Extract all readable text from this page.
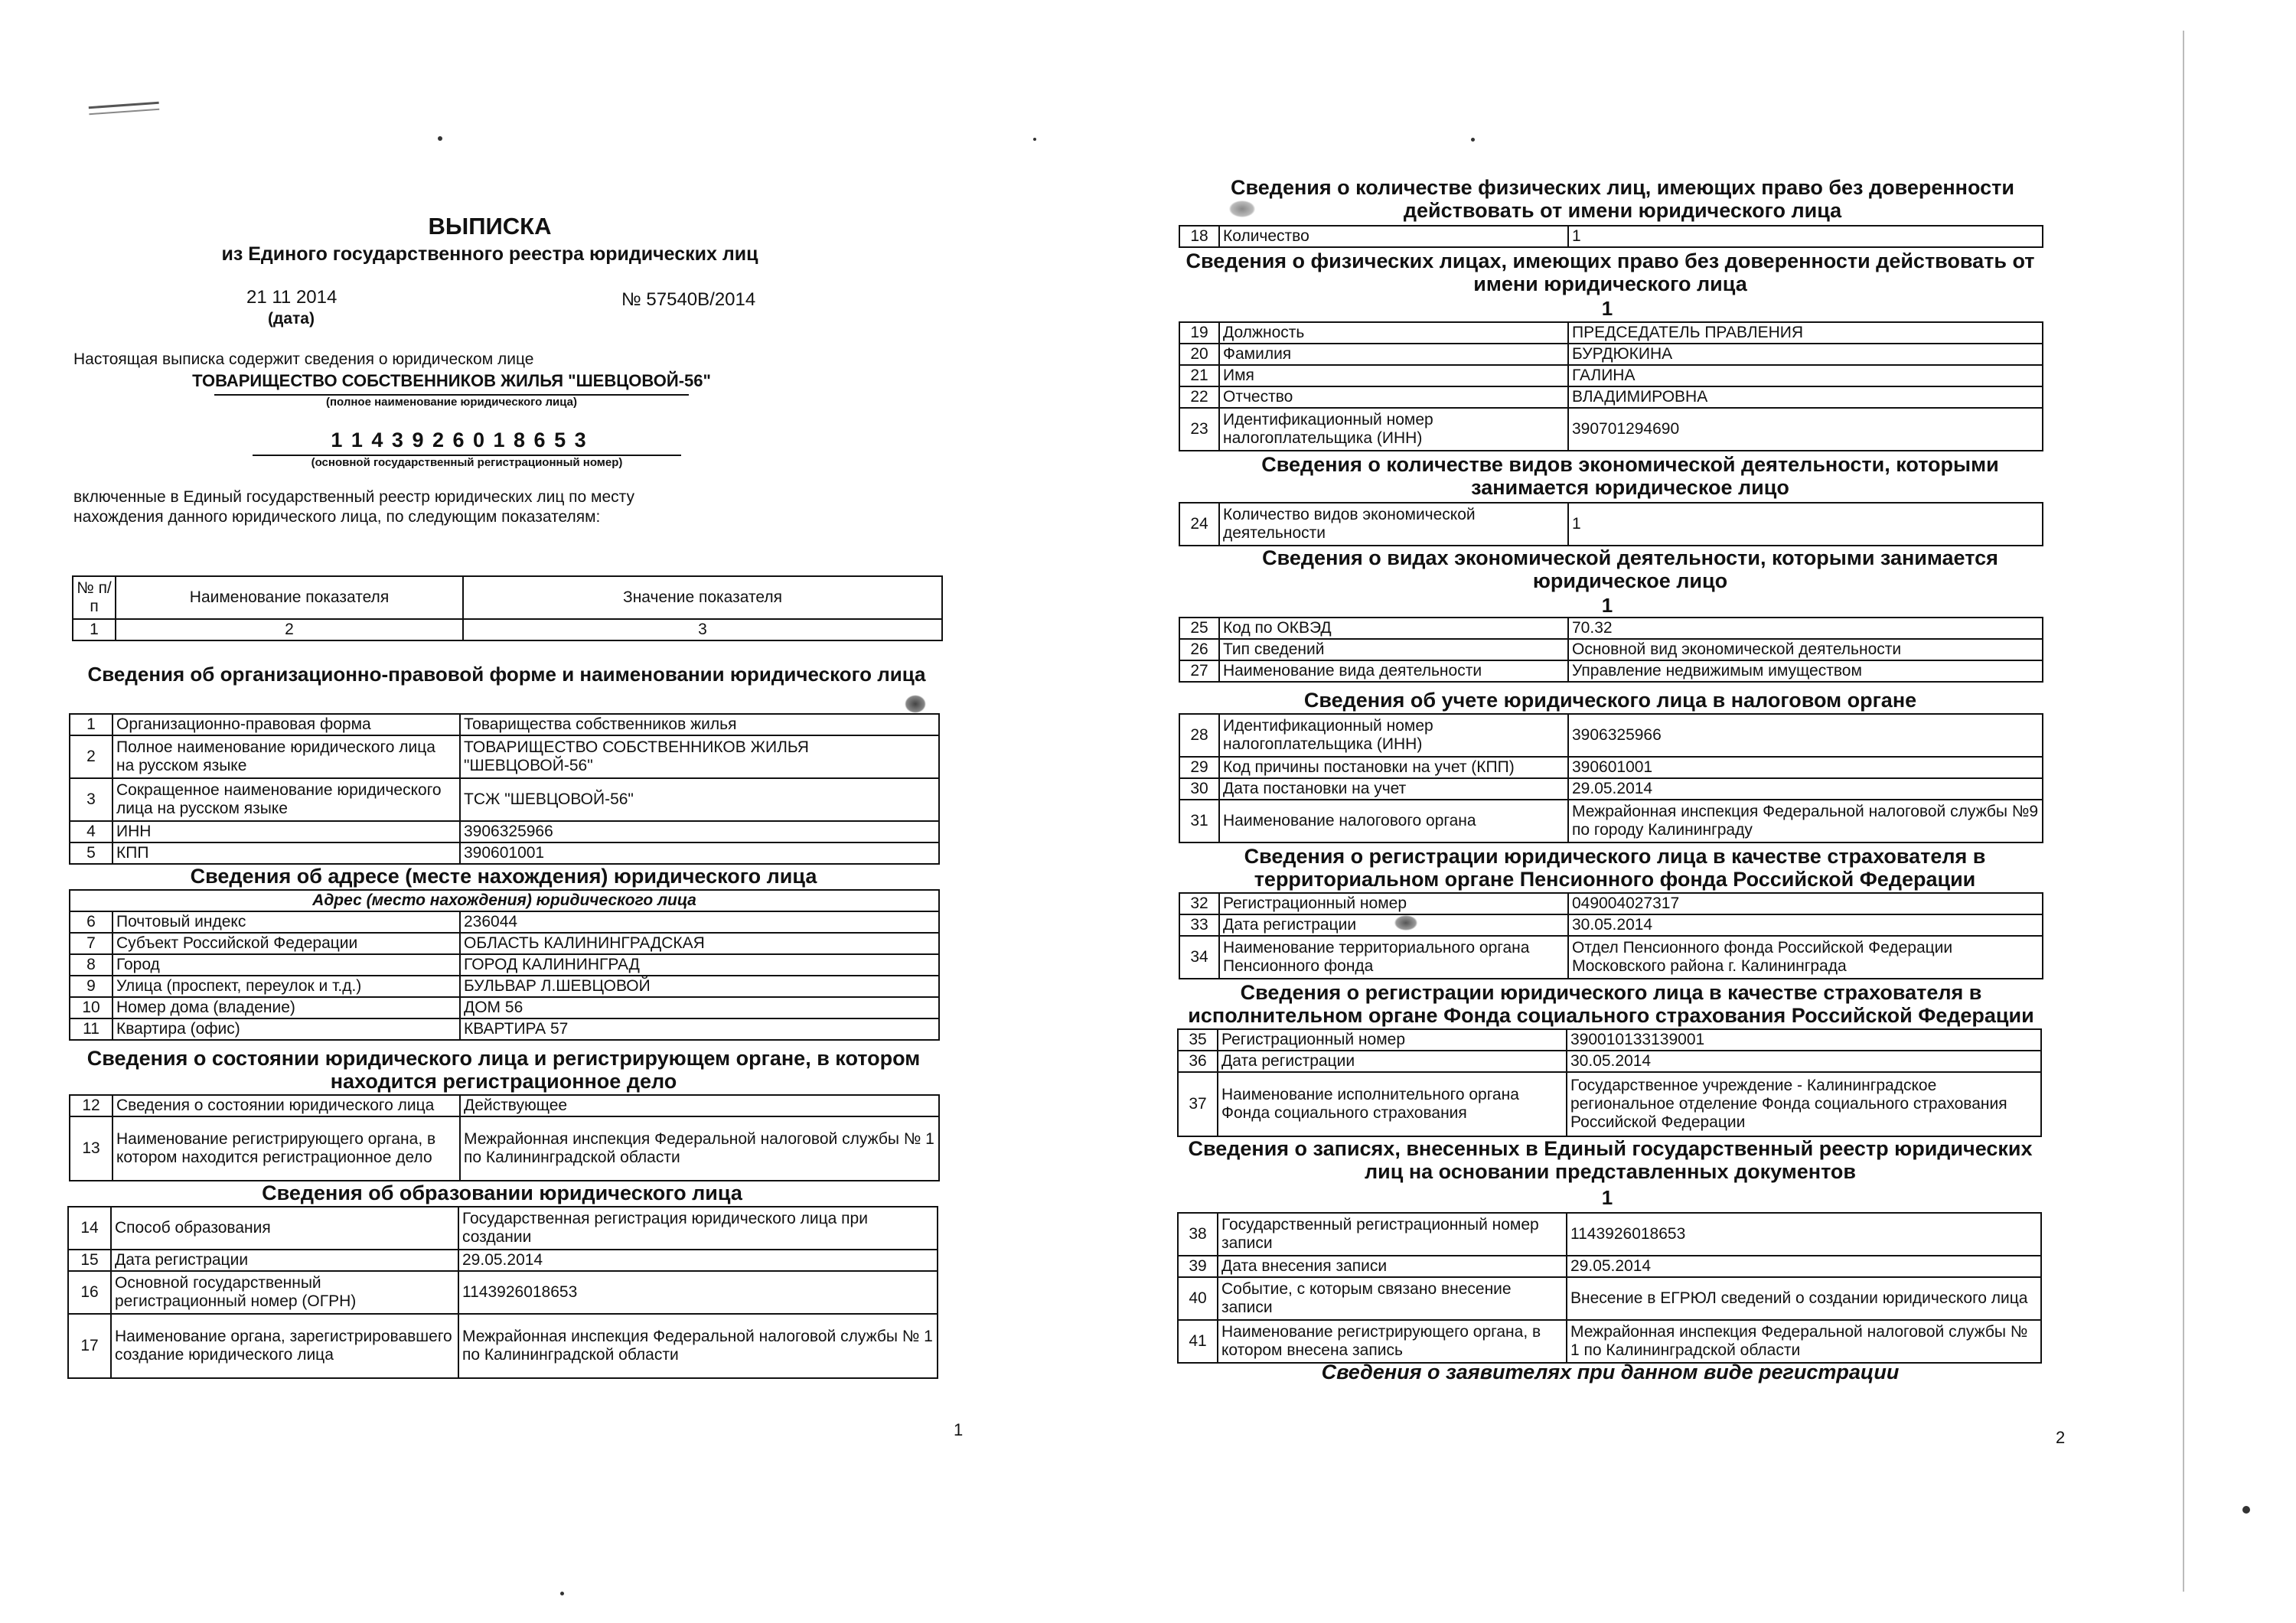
ВЫПИСКА
из Единого государственного реестра юридических лиц
21 11 2014
(дата)
№ 57540В/2014
Настоящая выписка содержит сведения о юридическом лице
ТОВАРИЩЕСТВО СОБСТВЕННИКОВ ЖИЛЬЯ "ШЕВЦОВОЙ-56"
(полное наименование юридического лица)
1 1 4 3 9 2 6 0 1 8 6 5 3
(основной государственный регистрационный номер)
включенные в Единый государственный реестр юридических лиц по месту
нахождения данного юридического лица, по следующим показателям:
№ п/п	Наименование показателя	Значение показателя
1	2	3
Сведения об организационно-правовой форме и наименовании юридического лица
1	Организационно-правовая форма	Товарищества собственников жилья
2	Полное наименование юридического лица на русском языке	ТОВАРИЩЕСТВО СОБСТВЕННИКОВ ЖИЛЬЯ "ШЕВЦОВОЙ-56"
3	Сокращенное наименование юридического лица на русском языке	ТСЖ "ШЕВЦОВОЙ-56"
4	ИНН	3906325966
5	КПП	390601001
Сведения об адресе (месте нахождения) юридического лица
Адрес (место нахождения) юридического лица		
6	Почтовый индекс	236044
7	Субъект Российской Федерации	ОБЛАСТЬ КАЛИНИНГРАДСКАЯ
8	Город	ГОРОД КАЛИНИНГРАД
9	Улица (проспект, переулок и т.д.)	БУЛЬВАР Л.ШЕВЦОВОЙ
10	Номер дома (владение)	ДОМ 56
11	Квартира (офис)	КВАРТИРА 57
Сведения о состоянии юридического лица и регистрирующем органе, в котором находится регистрационное дело
12	Сведения о состоянии юридического лица	Действующее
13	Наименование регистрирующего органа, в котором находится регистрационное дело	Межрайонная инспекция Федеральной налоговой службы № 1 по Калининградской области
Сведения об образовании юридического лица
14	Способ образования	Государственная регистрация юридического лица при создании
15	Дата регистрации	29.05.2014
16	Основной государственный регистрационный номер (ОГРН)	1143926018653
17	Наименование органа, зарегистрировавшего создание юридического лица	Межрайонная инспекция Федеральной налоговой службы № 1 по Калининградской области
1
Сведения о количестве физических лиц, имеющих право без доверенности действовать от имени юридического лица
18	Количество	1
Сведения о физических лицах, имеющих право без доверенности действовать от имени юридического лица
1
19	Должность	ПРЕДСЕДАТЕЛЬ ПРАВЛЕНИЯ
20	Фамилия	БУРДЮКИНА
21	Имя	ГАЛИНА
22	Отчество	ВЛАДИМИРОВНА
23	Идентификационный номер налогоплательщика (ИНН)	390701294690
Сведения о количестве видов экономической деятельности, которыми занимается юридическое лицо
24	Количество видов экономической деятельности	1
Сведения о видах экономической деятельности, которыми занимается юридическое лицо
1
25	Код по ОКВЭД	70.32
26	Тип сведений	Основной вид экономической деятельности
27	Наименование вида деятельности	Управление недвижимым имуществом
Сведения об учете юридического лица в налоговом органе
28	Идентификационный номер налогоплательщика (ИНН)	3906325966
29	Код причины постановки на учет (КПП)	390601001
30	Дата постановки на учет	29.05.2014
31	Наименование налогового органа	Межрайонная инспекция Федеральной налоговой службы №9 по городу Калининграду
Сведения о регистрации юридического лица в качестве страхователя в территориальном органе Пенсионного фонда Российской Федерации
32	Регистрационный номер	049004027317
33	Дата регистрации	30.05.2014
34	Наименование территориального органа Пенсионного фонда	Отдел Пенсионного фонда Российской Федерации Московского района г. Калининграда
Сведения о регистрации юридического лица в качестве страхователя в исполнительном органе Фонда социального страхования Российской Федерации
35	Регистрационный номер	390010133139001
36	Дата регистрации	30.05.2014
37	Наименование исполнительного органа Фонда социального страхования	Государственное учреждение - Калининградское региональное отделение Фонда социального страхования Российской Федерации
Сведения о записях, внесенных в Единый государственный реестр юридических лиц на основании представленных документов
1
38	Государственный регистрационный номер записи	1143926018653
39	Дата внесения записи	29.05.2014
40	Событие, с которым связано внесение записи	Внесение в ЕГРЮЛ сведений о создании юридического лица
41	Наименование регистрирующего органа, в котором внесена запись	Межрайонная инспекция Федеральной налоговой службы № 1 по Калининградской области
Сведения о заявителях при данном виде регистрации
2
